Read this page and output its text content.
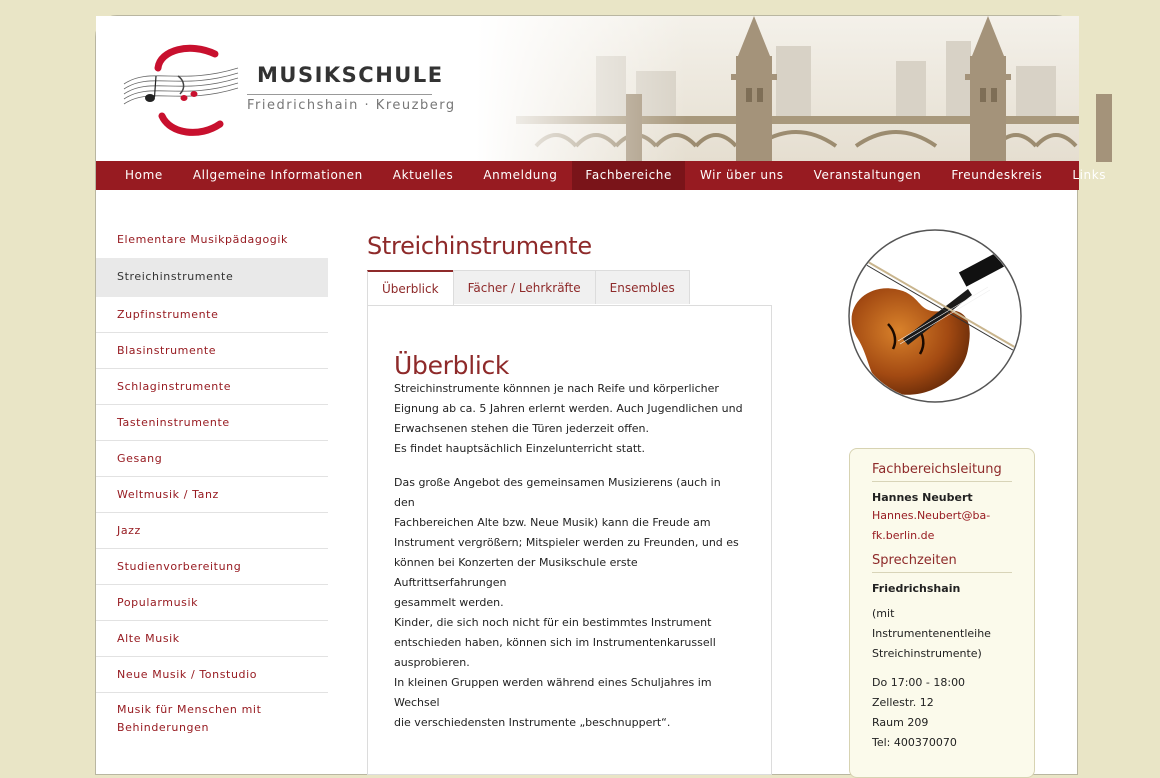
MUSIKSCHULE
Friedrichshain · Kreuzberg
Home	Allgemeine Informationen	Aktuelles	Anmeldung	Fachbereiche	Wir über uns	Veranstaltungen	Freundeskreis	Links
Elementare Musikpädagogik
Streichinstrumente
Zupfinstrumente
Blasinstrumente
Schlaginstrumente
Tasteninstrumente
Gesang
Weltmusik / Tanz
Jazz
Studienvorbereitung
Popularmusik
Alte Musik
Neue Musik / Tonstudio
Musik für Menschen mit Behinderungen
Streichinstrumente
Überblick	Fächer / Lehrkräfte	Ensembles
Überblick

Streichinstrumente könnnen je nach Reife und körperlicher
Eignung ab ca. 5 Jahren erlernt werden. Auch Jugendlichen und
Erwachsenen stehen die Türen jederzeit offen.
Es findet hauptsächlich Einzelunterricht statt.

Das große Angebot des gemeinsamen Musizierens (auch in den
Fachbereichen Alte bzw. Neue Musik) kann die Freude am
Instrument vergrößern; Mitspieler werden zu Freunden, und es
können bei Konzerten der Musikschule erste Auftrittserfahrungen
gesammelt werden.
Kinder, die sich noch nicht für ein bestimmtes Instrument
entschieden haben, können sich im Instrumentenkarussell
ausprobieren.
In kleinen Gruppen werden während eines Schuljahres im Wechsel
die verschiedensten Instrumente „beschnuppert“.

Fachbereichsleitung
Hannes Neubert
Hannes.Neubert@ba-
fk.berlin.de
Sprechzeiten
Friedrichshain
(mit Instrumentenentleihe
Streichinstrumente)
Do 17:00 - 18:00
Zellestr. 12
Raum 209
Tel: 400370070
